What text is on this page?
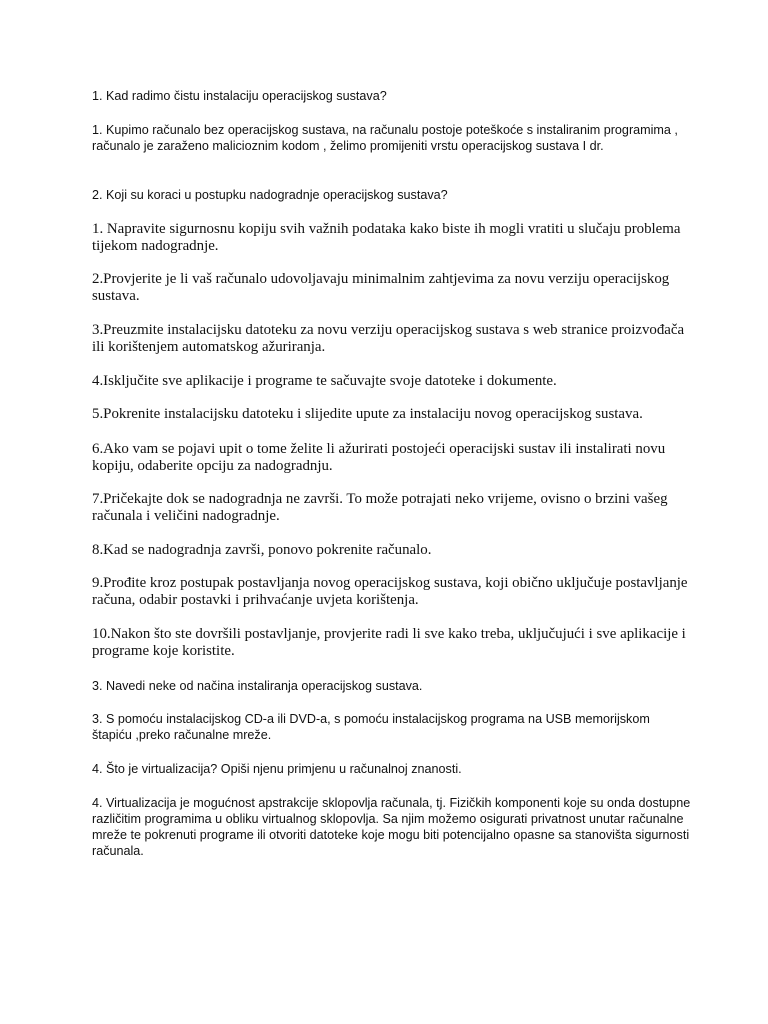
1. Kad radimo čistu instalaciju operacijskog sustava?

1. Kupimo računalo bez operacijskog sustava, na računalu postoje poteškoće s instaliranim programima , računalo je zaraženo malicioznim kodom , želimo promijeniti vrstu operacijskog sustava I dr.

2. Koji su koraci u postupku nadogradnje operacijskog sustava?

1. Napravite sigurnosnu kopiju svih važnih podataka kako biste ih mogli vratiti u slučaju problema tijekom nadogradnje.

2.Provjerite je li vaš računalo udovoljavaju minimalnim zahtjevima za novu verziju operacijskog sustava.

3.Preuzmite instalacijsku datoteku za novu verziju operacijskog sustava s web stranice proizvođača ili korištenjem automatskog ažuriranja.

4.Isključite sve aplikacije i programe te sačuvajte svoje datoteke i dokumente.

5.Pokrenite instalacijsku datoteku i slijedite upute za instalaciju novog operacijskog sustava.

6.Ako vam se pojavi upit o tome želite li ažurirati postojeći operacijski sustav ili instalirati novu kopiju, odaberite opciju za nadogradnju.

7.Pričekajte dok se nadogradnja ne završi. To može potrajati neko vrijeme, ovisno o brzini vašeg računala i veličini nadogradnje.

8.Kad se nadogradnja završi, ponovo pokrenite računalo.

9.Prođite kroz postupak postavljanja novog operacijskog sustava, koji obično uključuje postavljanje računa, odabir postavki i prihvaćanje uvjeta korištenja.

10.Nakon što ste dovršili postavljanje, provjerite radi li sve kako treba, uključujući i sve aplikacije i programe koje koristite.

3. Navedi neke od načina instaliranja operacijskog sustava.

3. S pomoću instalacijskog CD-a ili DVD-a, s pomoću instalacijskog programa na USB memorijskom štapiću ,preko računalne mreže.

4. Što je virtualizacija? Opiši njenu primjenu u računalnoj znanosti.

4. Virtualizacija je mogućnost apstrakcije sklopovlja računala, tj. Fizičkih komponenti koje su onda dostupne različitim programima u obliku virtualnog sklopovlja. Sa njim možemo osigurati privatnost unutar računalne mreže te pokrenuti programe ili otvoriti datoteke koje mogu biti potencijalno opasne sa stanovišta sigurnosti računala.
